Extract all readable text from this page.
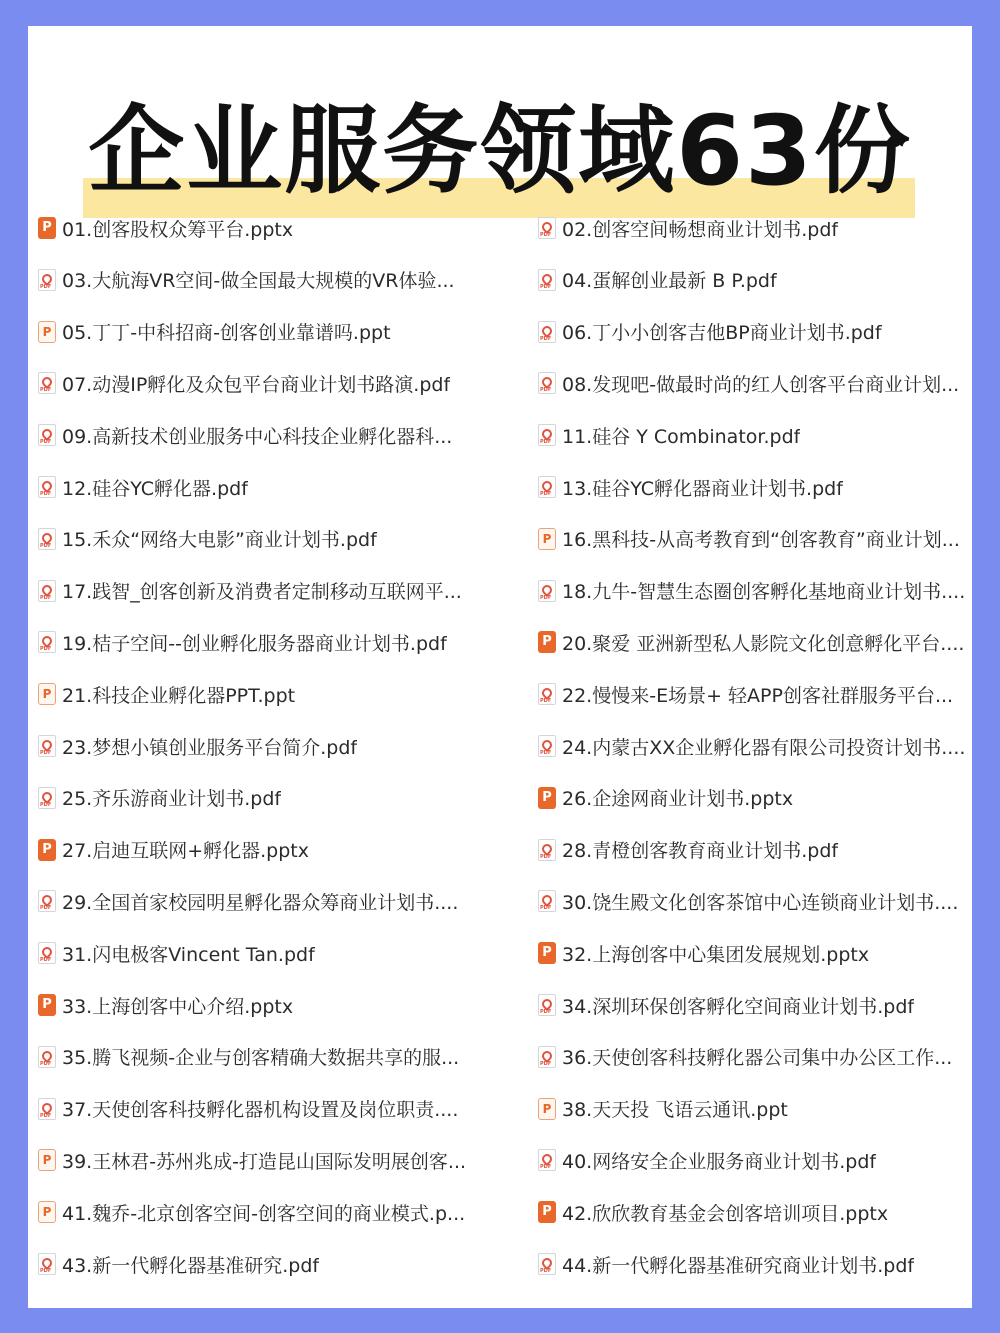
企业服务领域63份
P
01.创客股权众筹平台.pptx PDF	02.创客空间畅想商业计划书.pdf
PDF
03.大航海VR空间-做全国最大规模的VR体验... PDF	04.蛋解创业最新 B P.pdf
P
05.丁丁-中科招商-创客创业靠谱吗.ppt PDF	06.丁小小创客吉他BP商业计划书.pdf
PDF
07.动漫IP孵化及众包平台商业计划书路演.pdf PDF	08.发现吧-做最时尚的红人创客平台商业计划...
PDF
09.高新技术创业服务中心科技企业孵化器科... PDF	11.硅谷 Y Combinator.pdf
PDF
12.硅谷YC孵化器.pdf PDF	13.硅谷YC孵化器商业计划书.pdf
PDF
15.禾众“网络大电影”商业计划书.pdf P	16.黑科技-从高考教育到“创客教育”商业计划...
PDF
17.践智_创客创新及消费者定制移动互联网平... PDF	18.九牛-智慧生态圈创客孵化基地商业计划书....
PDF
19.桔子空间--创业孵化服务器商业计划书.pdf P	20.聚爱 亚洲新型私人影院文化创意孵化平台....
P
21.科技企业孵化器PPT.ppt PDF	22.慢慢来-E场景+ 轻APP创客社群服务平台...
PDF
23.梦想小镇创业服务平台简介.pdf PDF	24.内蒙古XX企业孵化器有限公司投资计划书....
PDF
25.齐乐游商业计划书.pdf P	26.企途网商业计划书.pptx
P
27.启迪互联网+孵化器.pptx PDF	28.青橙创客教育商业计划书.pdf
PDF
29.全国首家校园明星孵化器众筹商业计划书.... PDF	30.饶生殿文化创客茶馆中心连锁商业计划书....
PDF
31.闪电极客Vincent Tan.pdf P	32.上海创客中心集团发展规划.pptx
P
33.上海创客中心介绍.pptx PDF	34.深圳环保创客孵化空间商业计划书.pdf
PDF
35.腾飞视频-企业与创客精确大数据共享的服... PDF	36.天使创客科技孵化器公司集中办公区工作...
PDF
37.天使创客科技孵化器机构设置及岗位职责.... P	38.天天投 飞语云通讯.ppt
P
39.王林君-苏州兆成-打造昆山国际发明展创客... PDF	40.网络安全企业服务商业计划书.pdf
P
41.魏乔-北京创客空间-创客空间的商业模式.p... P	42.欣欣教育基金会创客培训项目.pptx
PDF
43.新一代孵化器基准研究.pdf PDF	44.新一代孵化器基准研究商业计划书.pdf
